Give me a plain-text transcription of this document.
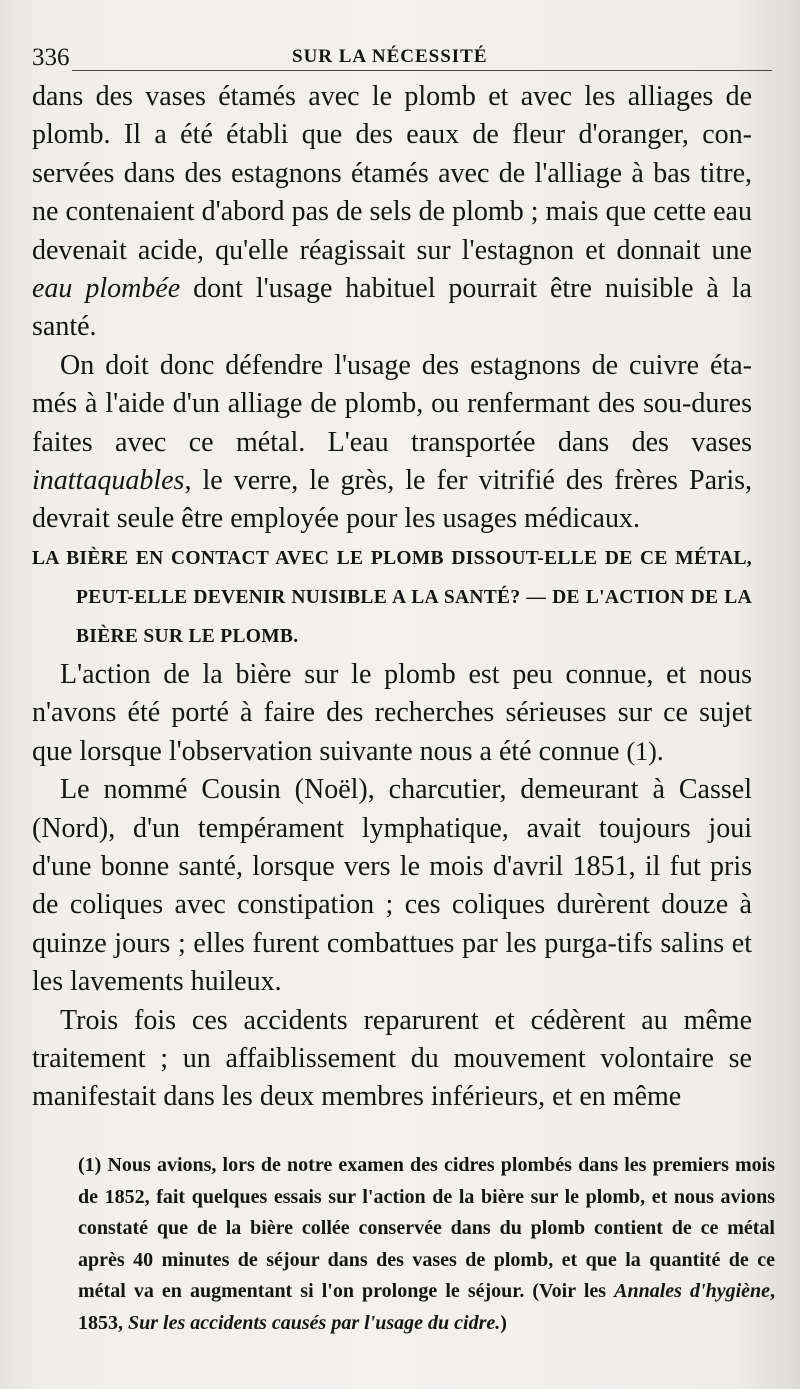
336	SUR LA NÉCESSITÉ

dans des vases étamés avec le plomb et avec les alliages de plomb. Il a été établi que des eaux de fleur d'oranger, con-servées dans des estagnons étamés avec de l'alliage à bas titre, ne contenaient d'abord pas de sels de plomb ; mais que cette eau devenait acide, qu'elle réagissait sur l'estagnon et donnait une eau plombée dont l'usage habituel pourrait être nuisible à la santé.

On doit donc défendre l'usage des estagnons de cuivre éta-més à l'aide d'un alliage de plomb, ou renfermant des sou-dures faites avec ce métal. L'eau transportée dans des vases inattaquables, le verre, le grès, le fer vitrifié des frères Paris, devrait seule être employée pour les usages médicaux.

LA BIÈRE EN CONTACT AVEC LE PLOMB DISSOUT-ELLE DE CE MÉTAL, PEUT-ELLE DEVENIR NUISIBLE A LA SANTÉ? — DE L'ACTION DE LA BIÈRE SUR LE PLOMB.

L'action de la bière sur le plomb est peu connue, et nous n'avons été porté à faire des recherches sérieuses sur ce sujet que lorsque l'observation suivante nous a été connue (1).

Le nommé Cousin (Noël), charcutier, demeurant à Cassel (Nord), d'un tempérament lymphatique, avait toujours joui d'une bonne santé, lorsque vers le mois d'avril 1851, il fut pris de coliques avec constipation ; ces coliques durèrent douze à quinze jours ; elles furent combattues par les purga-tifs salins et les lavements huileux.

Trois fois ces accidents reparurent et cédèrent au même traitement ; un affaiblissement du mouvement volontaire se manifestait dans les deux membres inférieurs, et en même

(1) Nous avions, lors de notre examen des cidres plombés dans les premiers mois de 1852, fait quelques essais sur l'action de la bière sur le plomb, et nous avions constaté que de la bière collée conservée dans du plomb contient de ce métal après 40 minutes de séjour dans des vases de plomb, et que la quantité de ce métal va en augmentant si l'on prolonge le séjour. (Voir les Annales d'hygiène, 1853, Sur les accidents causés par l'usage du cidre.)
